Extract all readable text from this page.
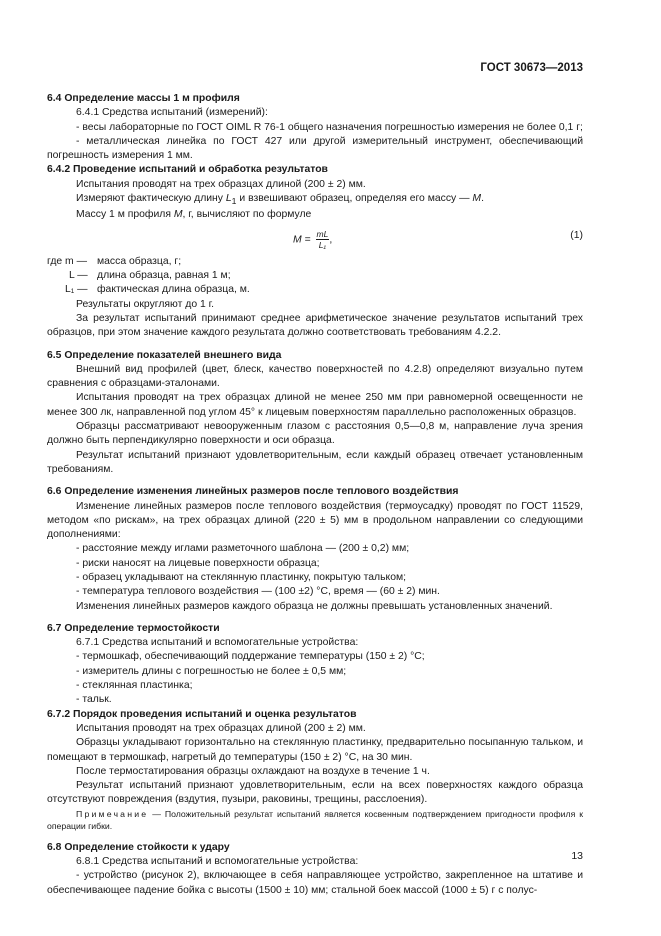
ГОСТ 30673—2013

6.4 Определение массы 1 м профиля

6.4.1 Средства испытаний (измерений):

- весы лабораторные по ГОСТ OIML R 76-1 общего назначения погрешностью измерения не более 0,1 г;

- металлическая линейка по ГОСТ 427 или другой измерительный инструмент, обеспечивающий погрешность измерения 1 мм.

6.4.2 Проведение испытаний и обработка результатов

Испытания проводят на трех образцах длиной (200 ± 2) мм.

Измеряют фактическую длину $L_1$ и взвешивают образец, определяя его массу — M.

Массу 1 м профиля M, г, вычисляют по формуле

$M = \frac{mL}{\text{L₁}}$ ,	(1)
где m — масса образца, г;
L — длина образца, равная 1 м;
L₁ — фактическая длина образца, м.

Результаты округляют до 1 г.

За результат испытаний принимают среднее арифметическое значение результатов испытаний трех образцов, при этом значение каждого результата должно соответствовать требованиям 4.2.2.

6.5 Определение показателей внешнего вида

Внешний вид профилей (цвет, блеск, качество поверхностей по 4.2.8) определяют визуально путем сравнения с образцами-эталонами.

Испытания проводят на трех образцах длиной не менее 250 мм при равномерной освещенности не менее 300 лк, направленной под углом 45° к лицевым поверхностям параллельно расположенных образцов.

Образцы рассматривают невооруженным глазом с расстояния 0,5—0,8 м, направление луча зрения должно быть перпендикулярно поверхности и оси образца.

Результат испытаний признают удовлетворительным, если каждый образец отвечает установленным требованиям.

6.6 Определение изменения линейных размеров после теплового воздействия

Изменение линейных размеров после теплового воздействия (термоусадку) проводят по ГОСТ 11529, методом «по рискам», на трех образцах длиной (220 ± 5) мм в продольном направлении со следующими дополнениями:

- расстояние между иглами разметочного шаблона — (200 ± 0,2) мм;

- риски наносят на лицевые поверхности образца;

- образец укладывают на стеклянную пластинку, покрытую тальком;

- температура теплового воздействия — (100 ±2) °С, время — (60 ± 2) мин.

Изменения линейных размеров каждого образца не должны превышать установленных значений.

6.7 Определение термостойкости

6.7.1 Средства испытаний и вспомогательные устройства:

- термошкаф, обеспечивающий поддержание температуры (150 ± 2) °С;

- измеритель длины с погрешностью не более ± 0,5 мм;

- стеклянная пластинка;

- тальк.

6.7.2 Порядок проведения испытаний и оценка результатов

Испытания проводят на трех образцах длиной (200 ± 2) мм.

Образцы укладывают горизонтально на стеклянную пластинку, предварительно посыпанную тальком, и помещают в термошкаф, нагретый до температуры (150 ± 2) °С, на 30 мин.

После термостатирования образцы охлаждают на воздухе в течение 1 ч.

Результат испытаний признают удовлетворительным, если на всех поверхностях каждого образца отсутствуют повреждения (вздутия, пузыри, раковины, трещины, расслоения).

Примечание — Положительный результат испытаний является косвенным подтверждением пригодности профиля к операции гибки.

6.8 Определение стойкости к удару

6.8.1 Средства испытаний и вспомогательные устройства:

- устройство (рисунок 2), включающее в себя направляющее устройство, закрепленное на штативе и обеспечивающее падение бойка с высоты (1500 ± 10) мм; стальной боек массой (1000 ± 5) г с полус-

13
